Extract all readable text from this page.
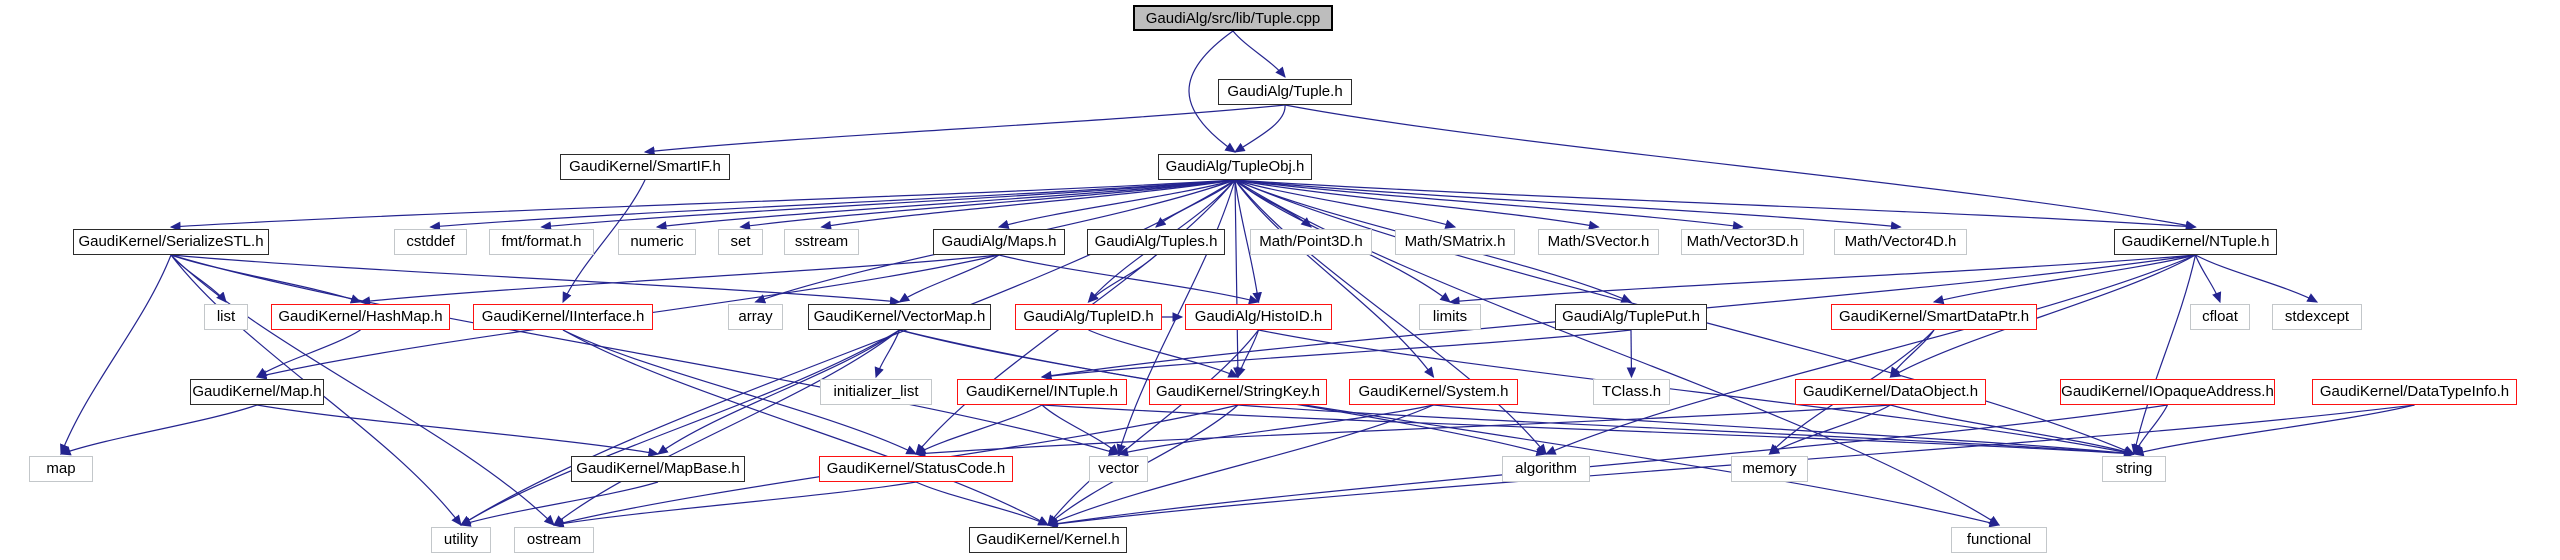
GaudiAlg/src/lib/Tuple.cpp
GaudiAlg/Tuple.h
GaudiKernel/SmartIF.h	GaudiAlg/TupleObj.h
GaudiKernel/SerializeSTL.h	cstddef	fmt/format.h	numeric	set	sstream	GaudiAlg/Maps.h	GaudiAlg/Tuples.h	Math/Point3D.h	Math/SMatrix.h	Math/SVector.h	Math/Vector3D.h	Math/Vector4D.h	GaudiKernel/NTuple.h
list	GaudiKernel/HashMap.h	GaudiKernel/IInterface.h	array	GaudiKernel/VectorMap.h	GaudiAlg/TupleID.h	GaudiAlg/HistoID.h	limits	GaudiAlg/TuplePut.h	GaudiKernel/SmartDataPtr.h	cfloat	stdexcept
GaudiKernel/Map.h	initializer_list	GaudiKernel/INTuple.h	GaudiKernel/StringKey.h	GaudiKernel/System.h	TClass.h	GaudiKernel/DataObject.h	GaudiKernel/IOpaqueAddress.h	GaudiKernel/DataTypeInfo.h
map	GaudiKernel/MapBase.h	GaudiKernel/StatusCode.h	vector	algorithm	memory	string
utility	ostream	GaudiKernel/Kernel.h	functional
